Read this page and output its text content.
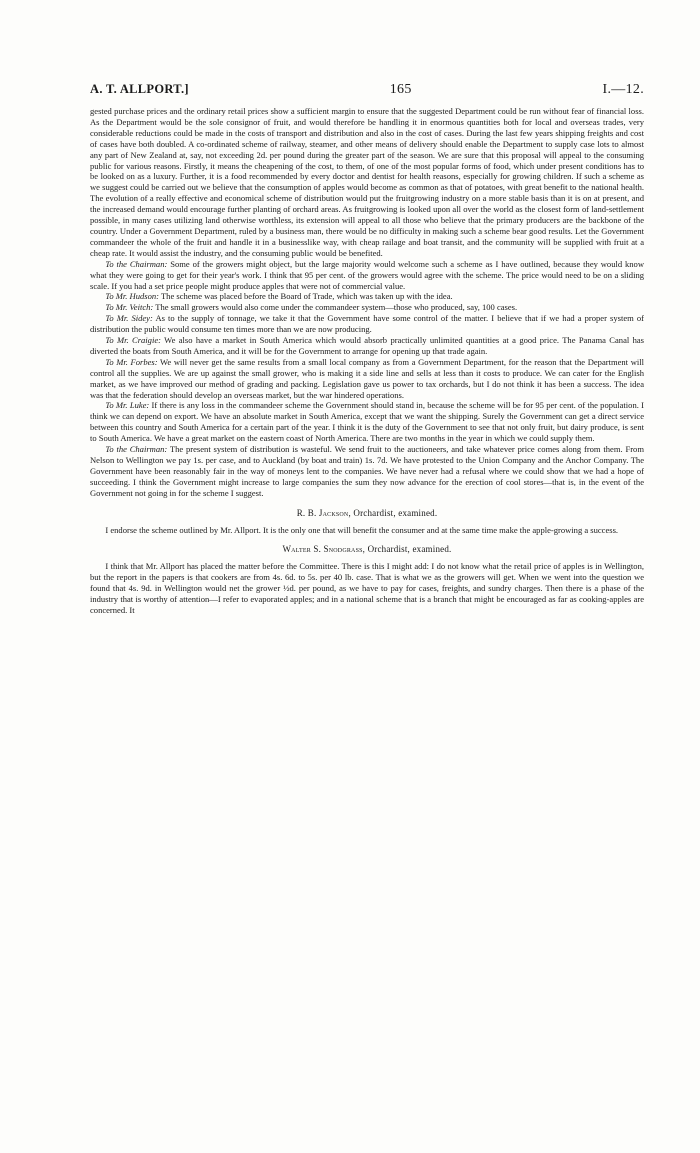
A. T. ALLPORT.]	165	I.—12.

gested purchase prices and the ordinary retail prices show a sufficient margin to ensure that the suggested Department could be run without fear of financial loss. As the Department would be the sole consignor of fruit, and would therefore be handling it in enormous quantities both for local and overseas trades, very considerable reductions could be made in the costs of transport and distribution and also in the cost of cases. During the last few years shipping freights and cost of cases have both doubled. A co-ordinated scheme of railway, steamer, and other means of delivery should enable the Department to supply case lots to almost any part of New Zealand at, say, not exceeding 2d. per pound during the greater part of the season. We are sure that this proposal will appeal to the consuming public for various reasons. Firstly, it means the cheapening of the cost, to them, of one of the most popular forms of food, which under present conditions has to be looked on as a luxury. Further, it is a food recommended by every doctor and dentist for health reasons, especially for growing children. If such a scheme as we suggest could be carried out we believe that the consumption of apples would become as common as that of potatoes, with great benefit to the national health. The evolution of a really effective and economical scheme of distribution would put the fruitgrowing industry on a more stable basis than it is on at present, and the increased demand would encourage further planting of orchard areas. As fruitgrowing is looked upon all over the world as the closest form of land-settlement possible, in many cases utilizing land otherwise worthless, its extension will appeal to all those who believe that the primary producers are the backbone of the country. Under a Government Department, ruled by a business man, there would be no difficulty in making such a scheme bear good results. Let the Government commandeer the whole of the fruit and handle it in a businesslike way, with cheap railage and boat transit, and the community will be supplied with fruit at a cheap rate. It would assist the industry, and the consuming public would be benefited.

To the Chairman: Some of the growers might object, but the large majority would welcome such a scheme as I have outlined, because they would know what they were going to get for their year's work. I think that 95 per cent. of the growers would agree with the scheme. The price would need to be on a sliding scale. If you had a set price people might produce apples that were not of commercial value.

To Mr. Hudson: The scheme was placed before the Board of Trade, which was taken up with the idea.

To Mr. Veitch: The small growers would also come under the commandeer system—those who produced, say, 100 cases.

To Mr. Sidey: As to the supply of tonnage, we take it that the Government have some control of the matter. I believe that if we had a proper system of distribution the public would consume ten times more than we are now producing.

To Mr. Craigie: We also have a market in South America which would absorb practically unlimited quantities at a good price. The Panama Canal has diverted the boats from South America, and it will be for the Government to arrange for opening up that trade again.

To Mr. Forbes: We will never get the same results from a small local company as from a Government Department, for the reason that the Department will control all the supplies. We are up against the small grower, who is making it a side line and sells at less than it costs to produce. We can cater for the English market, as we have improved our method of grading and packing. Legislation gave us power to tax orchards, but I do not think it has been a success. The idea was that the federation should develop an overseas market, but the war hindered operations.

To Mr. Luke: If there is any loss in the commandeer scheme the Government should stand in, because the scheme will be for 95 per cent. of the population. I think we can depend on export. We have an absolute market in South America, except that we want the shipping. Surely the Government can get a direct service between this country and South America for a certain part of the year. I think it is the duty of the Government to see that not only fruit, but dairy produce, is sent to South America. We have a great market on the eastern coast of North America. There are two months in the year in which we could supply them.

To the Chairman: The present system of distribution is wasteful. We send fruit to the auctioneers, and take whatever price comes along from them. From Nelson to Wellington we pay 1s. per case, and to Auckland (by boat and train) 1s. 7d. We have protested to the Union Company and the Anchor Company. The Government have been reasonably fair in the way of moneys lent to the companies. We have never had a refusal where we could show that we had a hope of succeeding. I think the Government might increase to large companies the sum they now advance for the erection of cool stores—that is, in the event of the Government not going in for the scheme I suggest.

R. B. Jackson, Orchardist, examined.

I endorse the scheme outlined by Mr. Allport. It is the only one that will benefit the consumer and at the same time make the apple-growing a success.

Walter S. Snodgrass, Orchardist, examined.

I think that Mr. Allport has placed the matter before the Committee. There is this I might add: I do not know what the retail price of apples is in Wellington, but the report in the papers is that cookers are from 4s. 6d. to 5s. per 40 lb. case. That is what we as the growers will get. When we went into the question we found that 4s. 9d. in Wellington would net the grower ½d. per pound, as we have to pay for cases, freights, and sundry charges. Then there is a phase of the industry that is worthy of attention—I refer to evaporated apples; and in a national scheme that is a branch that might be encouraged as far as cooking-apples are concerned. It
